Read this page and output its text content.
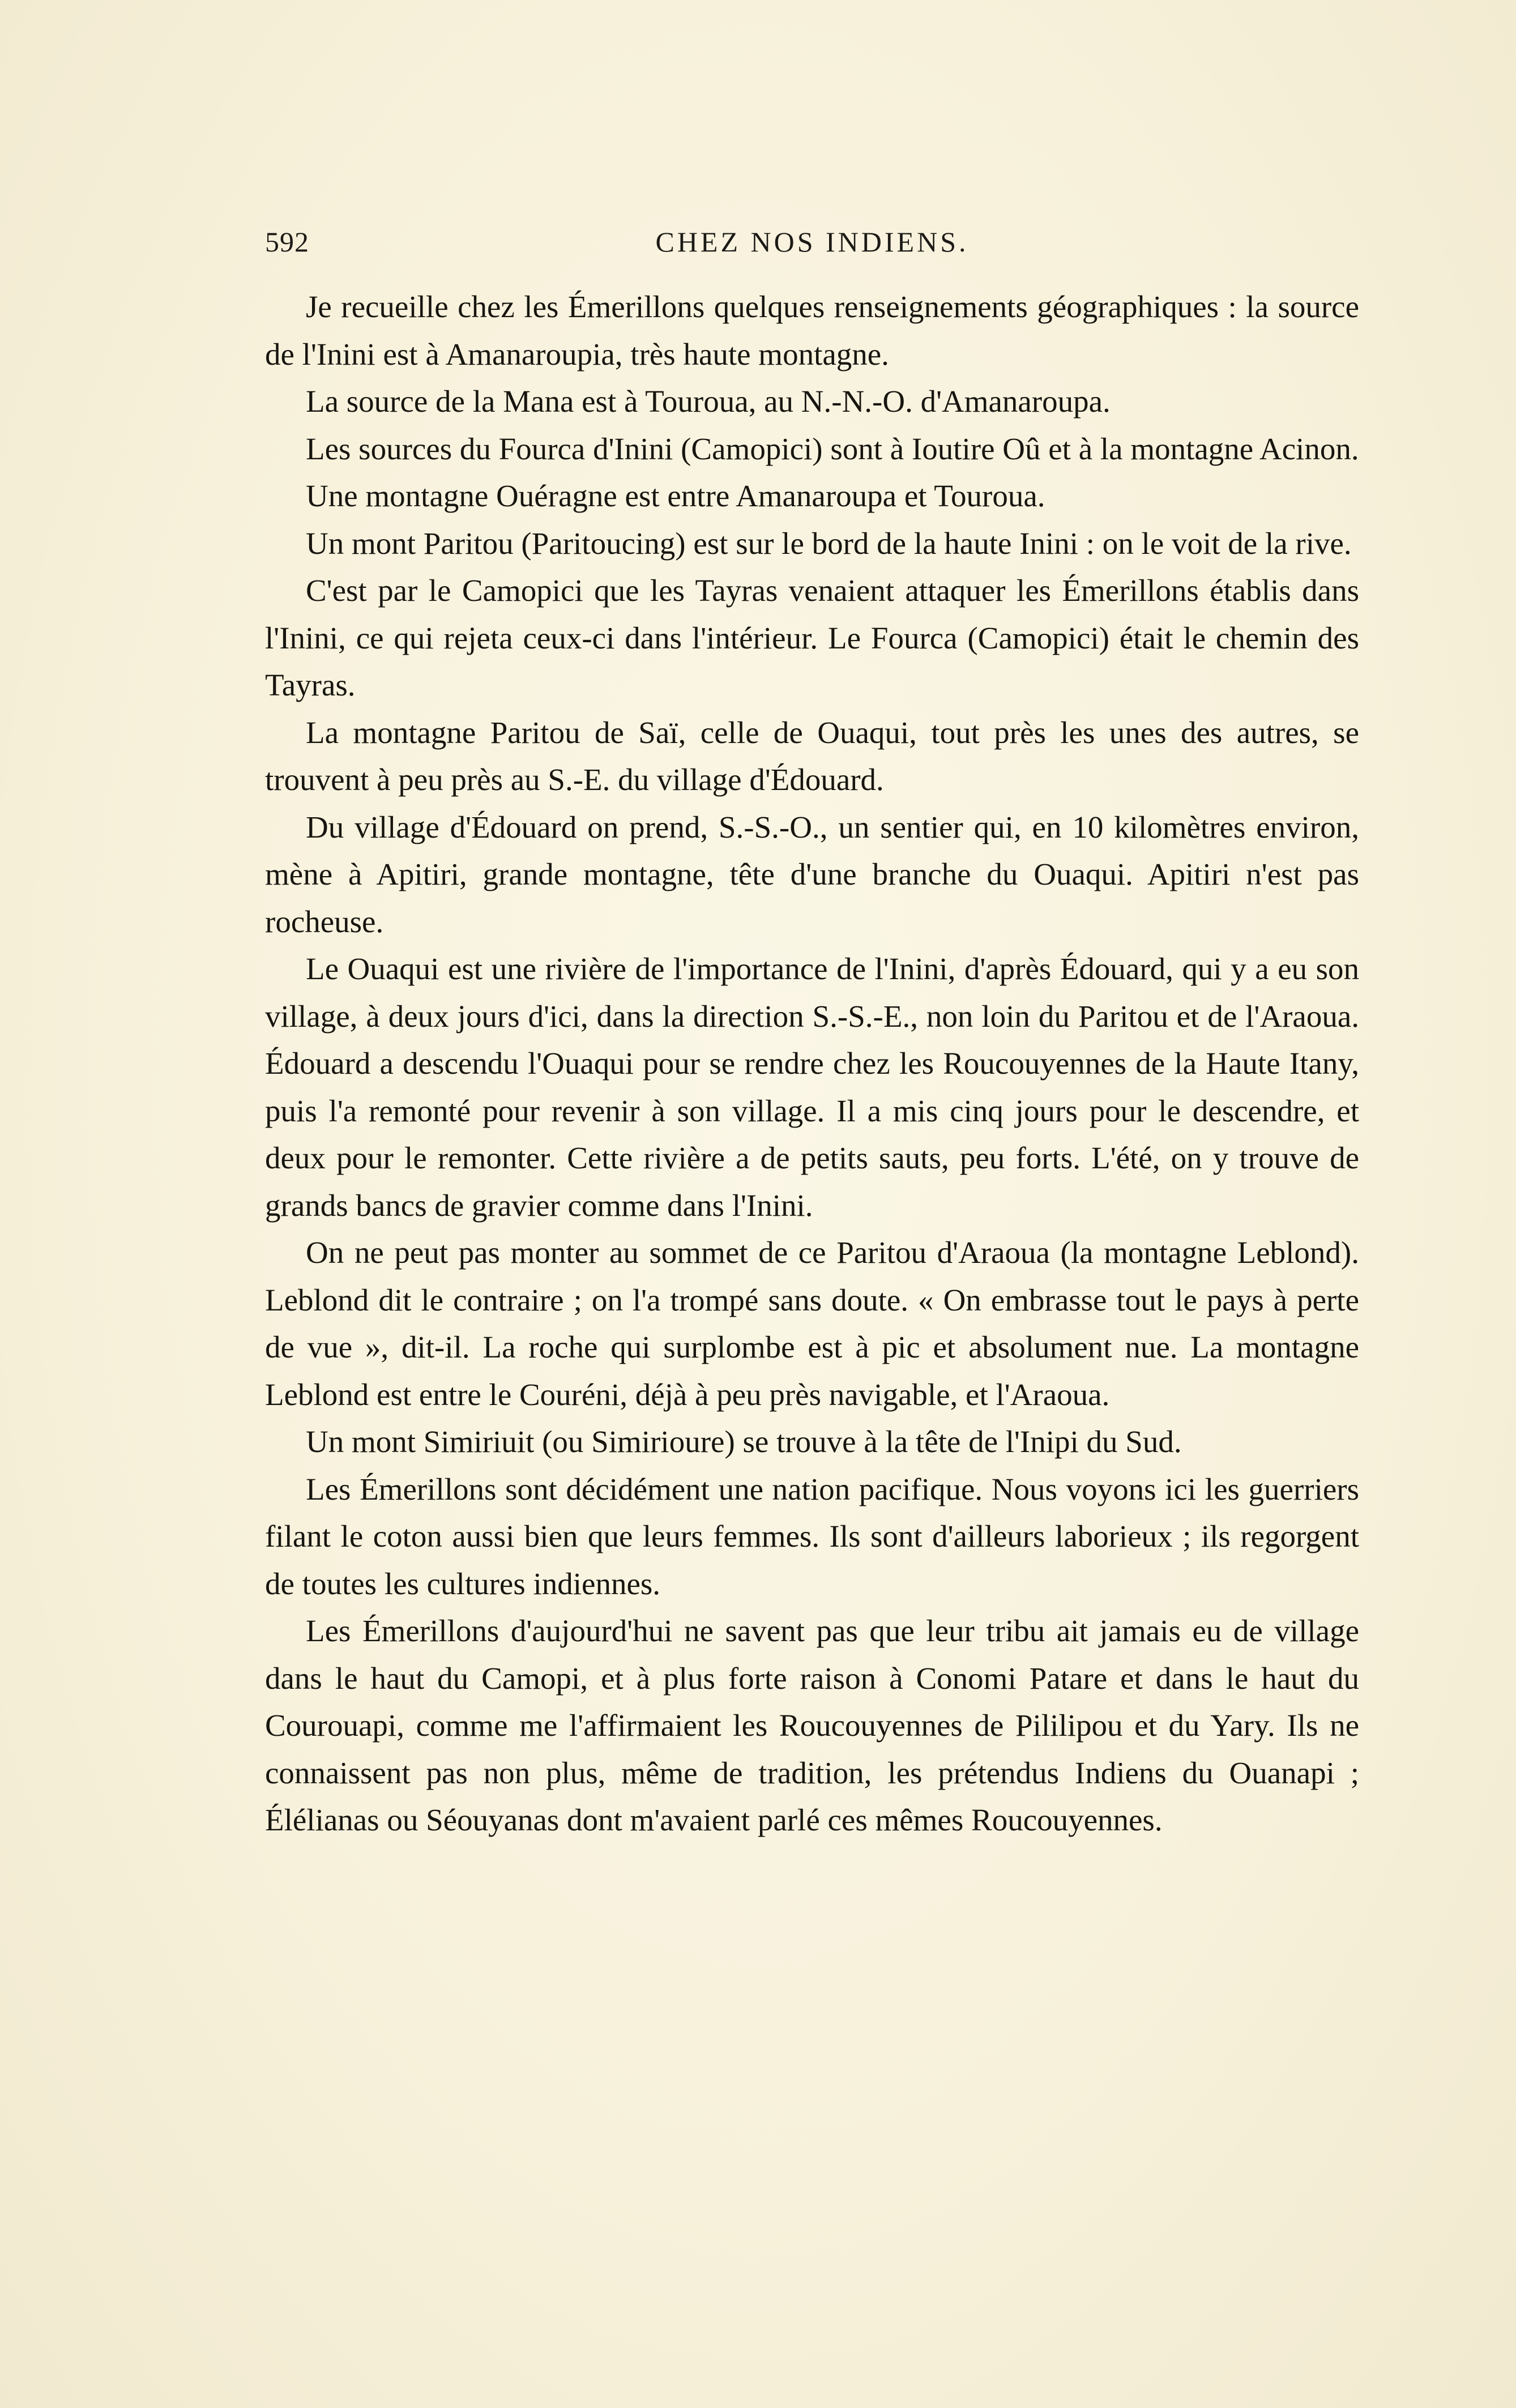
592	CHEZ NOS INDIENS.

Je recueille chez les Émerillons quelques renseignements géographiques : la source de l'Inini est à Amanaroupia, très haute montagne.

La source de la Mana est à Touroua, au N.-N.-O. d'Amanaroupa.

Les sources du Fourca d'Inini (Camopici) sont à Ioutire Oû et à la montagne Acinon.

Une montagne Ouéragne est entre Amanaroupa et Touroua.

Un mont Paritou (Paritoucing) est sur le bord de la haute Inini : on le voit de la rive.

C'est par le Camopici que les Tayras venaient attaquer les Émerillons établis dans l'Inini, ce qui rejeta ceux-ci dans l'intérieur. Le Fourca (Camopici) était le chemin des Tayras.

La montagne Paritou de Saï, celle de Ouaqui, tout près les unes des autres, se trouvent à peu près au S.-E. du village d'Édouard.

Du village d'Édouard on prend, S.-S.-O., un sentier qui, en 10 kilomètres environ, mène à Apitiri, grande montagne, tête d'une branche du Ouaqui. Apitiri n'est pas rocheuse.

Le Ouaqui est une rivière de l'importance de l'Inini, d'après Édouard, qui y a eu son village, à deux jours d'ici, dans la direction S.-S.-E., non loin du Paritou et de l'Araoua. Édouard a descendu l'Ouaqui pour se rendre chez les Roucouyennes de la Haute Itany, puis l'a remonté pour revenir à son village. Il a mis cinq jours pour le descendre, et deux pour le remonter. Cette rivière a de petits sauts, peu forts. L'été, on y trouve de grands bancs de gravier comme dans l'Inini.

On ne peut pas monter au sommet de ce Paritou d'Araoua (la montagne Leblond). Leblond dit le contraire ; on l'a trompé sans doute. « On embrasse tout le pays à perte de vue », dit-il. La roche qui surplombe est à pic et absolument nue. La montagne Leblond est entre le Couréni, déjà à peu près navigable, et l'Araoua.

Un mont Simiriuit (ou Simirioure) se trouve à la tête de l'Inipi du Sud.

Les Émerillons sont décidément une nation pacifique. Nous voyons ici les guerriers filant le coton aussi bien que leurs femmes. Ils sont d'ailleurs laborieux ; ils regorgent de toutes les cultures indiennes.

Les Émerillons d'aujourd'hui ne savent pas que leur tribu ait jamais eu de village dans le haut du Camopi, et à plus forte raison à Conomi Patare et dans le haut du Courouapi, comme me l'affirmaient les Roucouyennes de Pililipou et du Yary. Ils ne connaissent pas non plus, même de tradition, les prétendus Indiens du Ouanapi ; Élélianas ou Séouyanas dont m'avaient parlé ces mêmes Roucouyennes.
